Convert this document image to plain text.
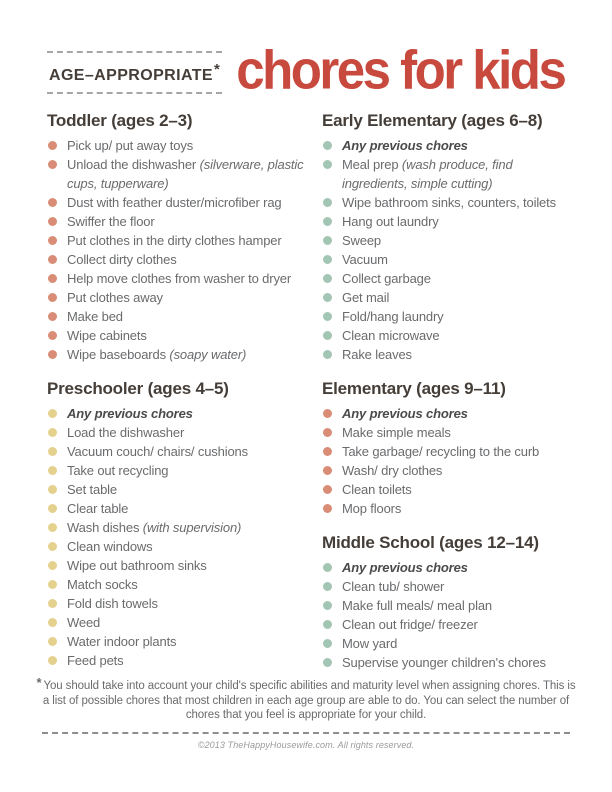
AGE–APPROPRIATE* chores for kids
Toddler (ages 2–3)
Pick up/ put away toys
Unload the dishwasher (silverware, plastic cups, tupperware)
Dust with feather duster/microfiber rag
Swiffer the floor
Put clothes in the dirty clothes hamper
Collect dirty clothes
Help move clothes from washer to dryer
Put clothes away
Make bed
Wipe cabinets
Wipe baseboards (soapy water)
Preschooler (ages 4–5)
Any previous chores
Load the dishwasher
Vacuum couch/ chairs/ cushions
Take out recycling
Set table
Clear table
Wash dishes (with supervision)
Clean windows
Wipe out bathroom sinks
Match socks
Fold dish towels
Weed
Water indoor plants
Feed pets
Early Elementary (ages 6–8)
Any previous chores
Meal prep (wash produce, find ingredients, simple cutting)
Wipe bathroom sinks, counters, toilets
Hang out laundry
Sweep
Vacuum
Collect garbage
Get mail
Fold/hang laundry
Clean microwave
Rake leaves
Elementary (ages 9–11)
Any previous chores
Make simple meals
Take garbage/ recycling to the curb
Wash/ dry clothes
Clean toilets
Mop floors
Middle School (ages 12–14)
Any previous chores
Clean tub/ shower
Make full meals/ meal plan
Clean out fridge/ freezer
Mow yard
Supervise younger children's chores
* You should take into account your child's specific abilities and maturity level when assigning chores. This is a list of possible chores that most children in each age group are able to do. You can select the number of chores that you feel is appropriate for your child.
©2013 TheHappyHousewife.com. All rights reserved.
